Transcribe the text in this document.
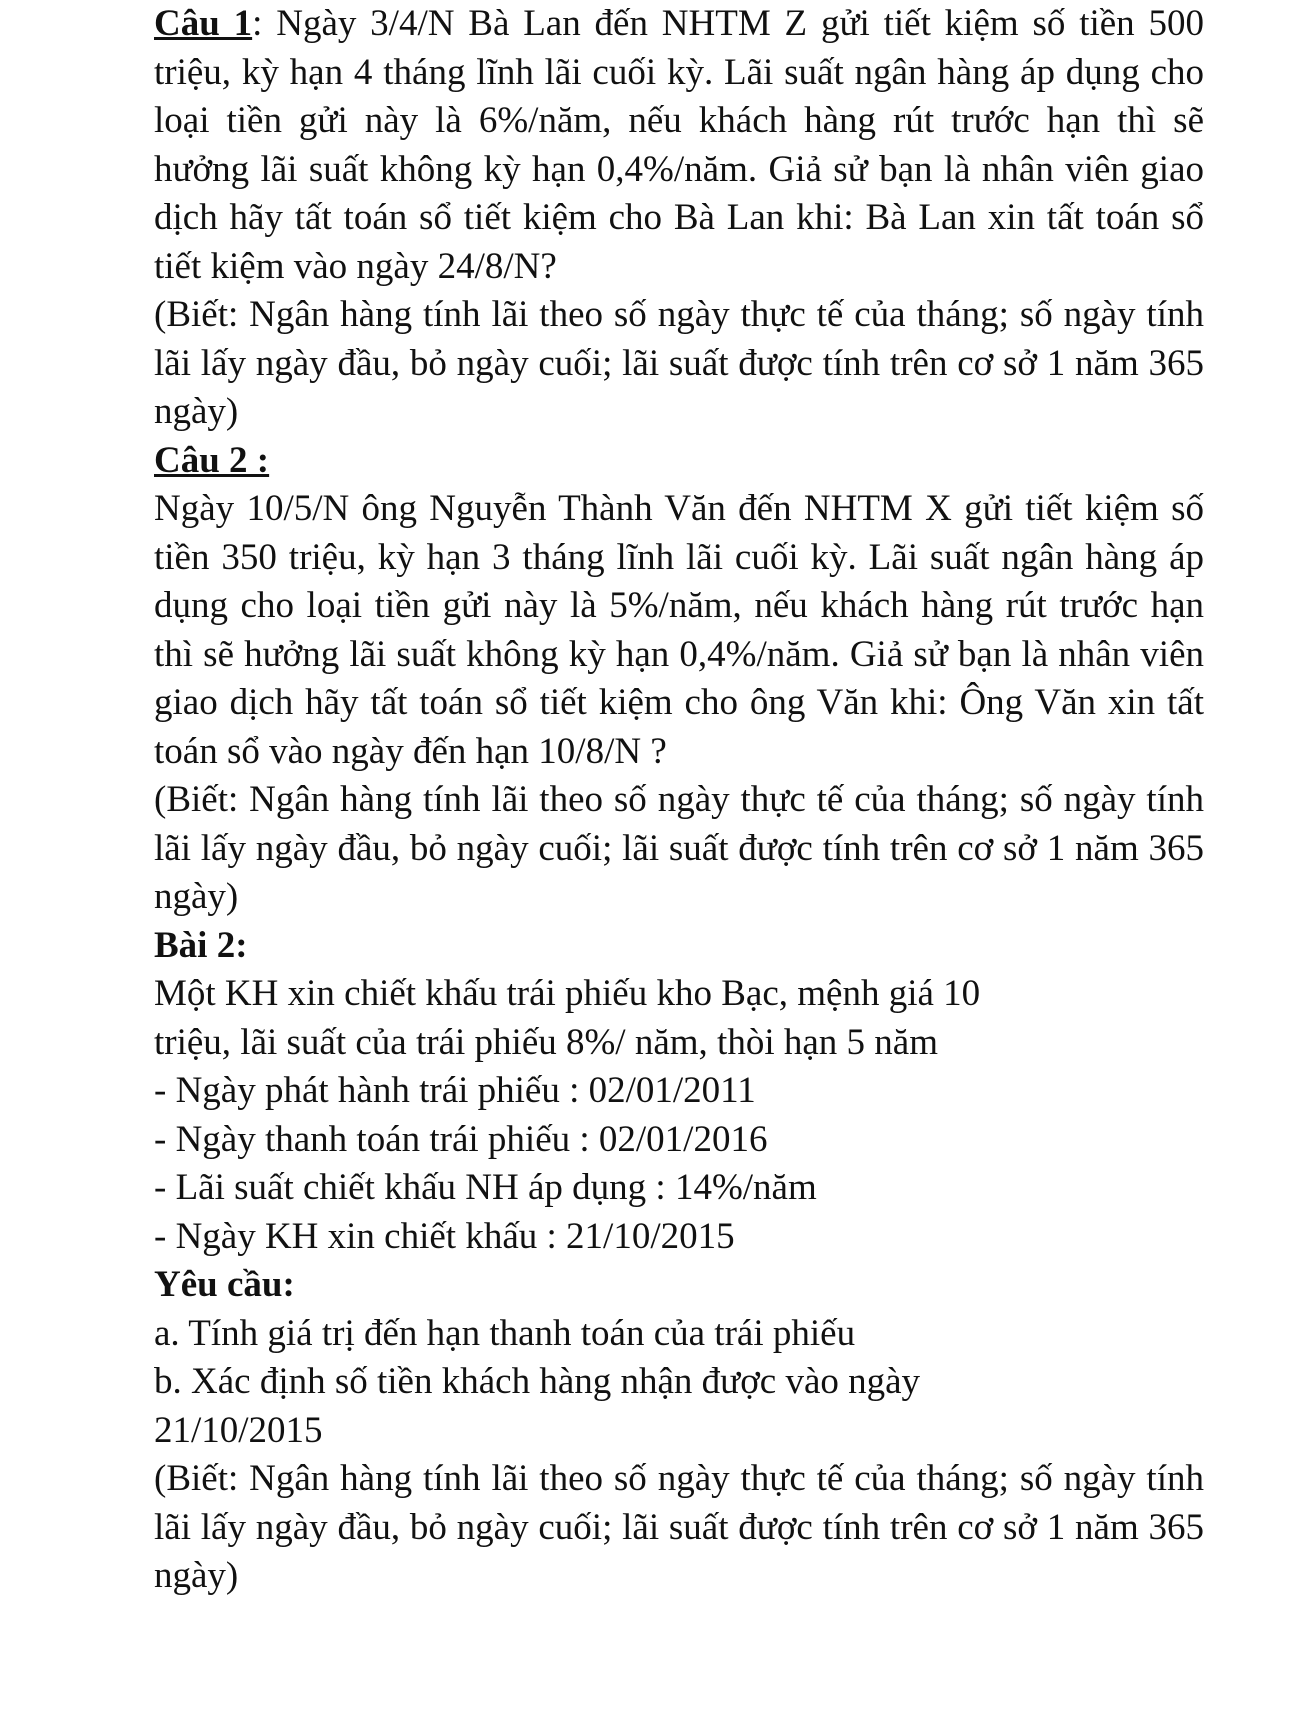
Câu 1: Ngày 3/4/N Bà Lan đến NHTM Z gửi tiết kiệm số tiền 500 triệu, kỳ hạn 4 tháng lĩnh lãi cuối kỳ. Lãi suất ngân hàng áp dụng cho loại tiền gửi này là 6%/năm, nếu khách hàng rút trước hạn thì sẽ hưởng lãi suất không kỳ hạn 0,4%/năm. Giả sử bạn là nhân viên giao dịch hãy tất toán sổ tiết kiệm cho Bà Lan khi: Bà Lan xin tất toán sổ tiết kiệm vào ngày 24/8/N?

(Biết: Ngân hàng tính lãi theo số ngày thực tế của tháng; số ngày tính lãi lấy ngày đầu, bỏ ngày cuối; lãi suất được tính trên cơ sở 1 năm 365 ngày)

Câu 2 :

Ngày 10/5/N ông Nguyễn Thành Văn đến NHTM X gửi tiết kiệm số tiền 350 triệu, kỳ hạn 3 tháng lĩnh lãi cuối kỳ. Lãi suất ngân hàng áp dụng cho loại tiền gửi này là 5%/năm, nếu khách hàng rút trước hạn thì sẽ hưởng lãi suất không kỳ hạn 0,4%/năm. Giả sử bạn là nhân viên giao dịch hãy tất toán sổ tiết kiệm cho ông Văn khi: Ông Văn xin tất toán sổ vào ngày đến hạn 10/8/N ?

(Biết: Ngân hàng tính lãi theo số ngày thực tế của tháng; số ngày tính lãi lấy ngày đầu, bỏ ngày cuối; lãi suất được tính trên cơ sở 1 năm 365 ngày)

Bài 2:

Một KH xin chiết khấu trái phiếu kho Bạc, mệnh giá 10

triệu, lãi suất của trái phiếu 8%/ năm, thòi hạn 5 năm

- Ngày phát hành trái phiếu : 02/01/2011

- Ngày thanh toán trái phiếu : 02/01/2016

- Lãi suất chiết khấu NH áp dụng : 14%/năm

- Ngày KH xin chiết khấu : 21/10/2015

Yêu cầu:

a. Tính giá trị đến hạn thanh toán của trái phiếu

b. Xác định số tiền khách hàng nhận được vào ngày

21/10/2015

(Biết: Ngân hàng tính lãi theo số ngày thực tế của tháng; số ngày tính lãi lấy ngày đầu, bỏ ngày cuối; lãi suất được tính trên cơ sở 1 năm 365 ngày)
